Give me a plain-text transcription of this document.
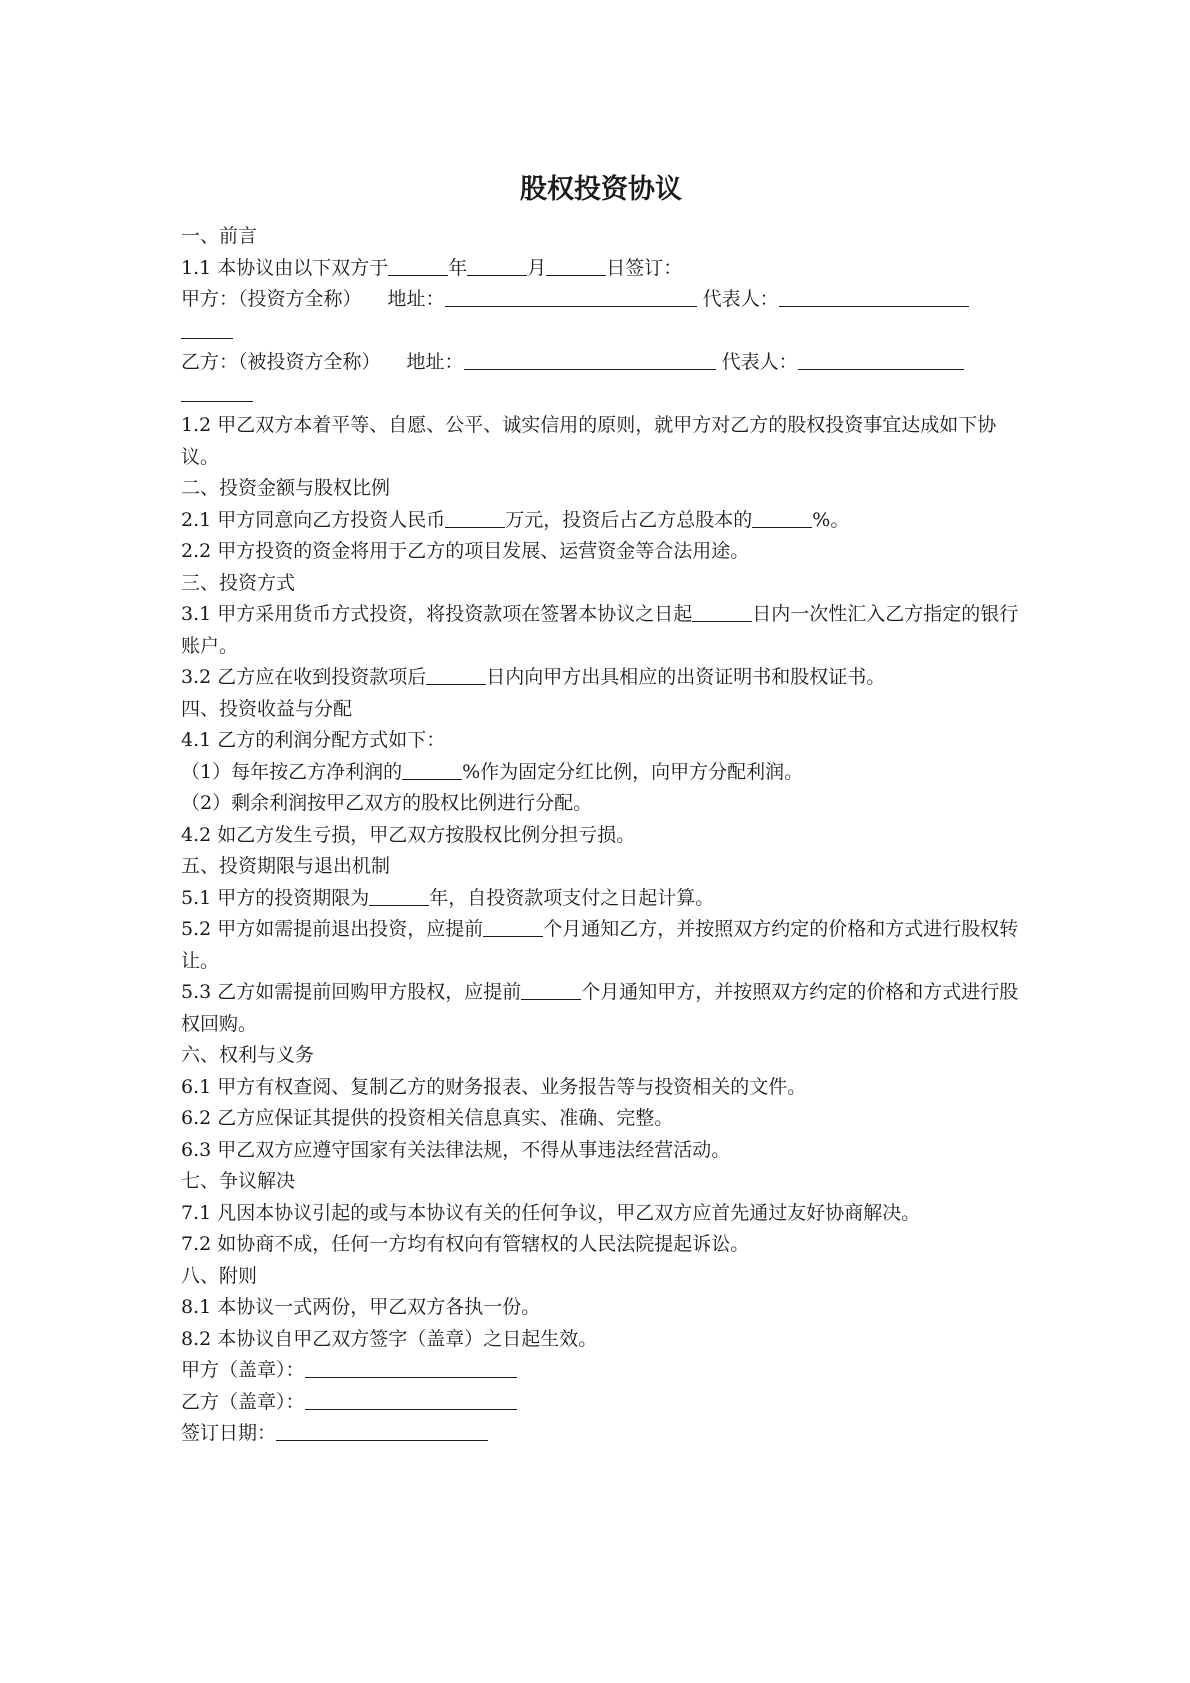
股权投资协议

一、前言

1.1 本协议由以下双方于	年	月	日签订：

甲方：（投资方全称） 地址：	代表人：

乙方：（被投资方全称） 地址：	代表人：

1.2 甲乙双方本着平等、自愿、公平、诚实信用的原则，就甲方对乙方的股权投资事宜达成如下协议。

二、投资金额与股权比例

2.1 甲方同意向乙方投资人民币	万元，投资后占乙方总股本的	%。

2.2 甲方投资的资金将用于乙方的项目发展、运营资金等合法用途。

三、投资方式

3.1 甲方采用货币方式投资，将投资款项在签署本协议之日起	日内一次性汇入乙方指定的银行账户。

3.2 乙方应在收到投资款项后	日内向甲方出具相应的出资证明书和股权证书。

四、投资收益与分配

4.1 乙方的利润分配方式如下：

（1）每年按乙方净利润的	%作为固定分红比例，向甲方分配利润。

（2）剩余利润按甲乙双方的股权比例进行分配。

4.2 如乙方发生亏损，甲乙双方按股权比例分担亏损。

五、投资期限与退出机制

5.1 甲方的投资期限为	年，自投资款项支付之日起计算。

5.2 甲方如需提前退出投资，应提前	个月通知乙方，并按照双方约定的价格和方式进行股权转让。

5.3 乙方如需提前回购甲方股权，应提前	个月通知甲方，并按照双方约定的价格和方式进行股权回购。

六、权利与义务

6.1 甲方有权查阅、复制乙方的财务报表、业务报告等与投资相关的文件。

6.2 乙方应保证其提供的投资相关信息真实、准确、完整。

6.3 甲乙双方应遵守国家有关法律法规，不得从事违法经营活动。

七、争议解决

7.1 凡因本协议引起的或与本协议有关的任何争议，甲乙双方应首先通过友好协商解决。

7.2 如协商不成，任何一方均有权向有管辖权的人民法院提起诉讼。

八、附则

8.1 本协议一式两份，甲乙双方各执一份。

8.2 本协议自甲乙双方签字（盖章）之日起生效。

甲方（盖章）：

乙方（盖章）：

签订日期：
